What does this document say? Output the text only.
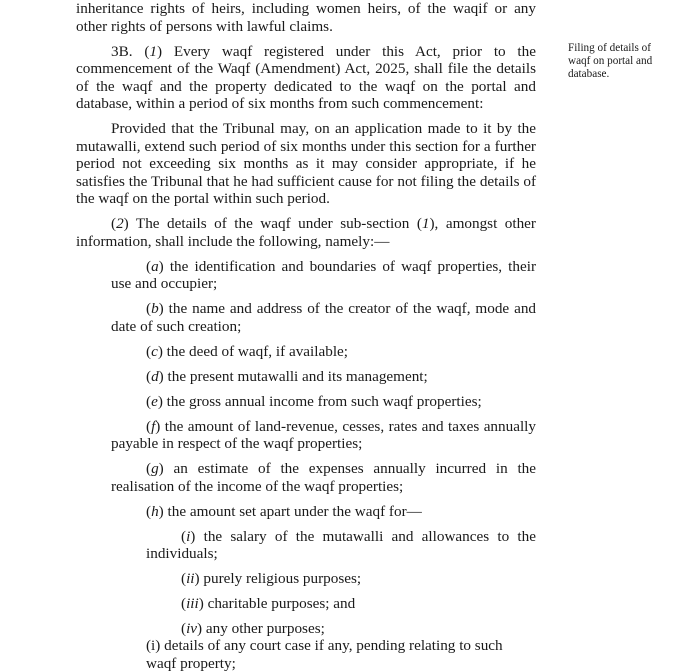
inheritance rights of heirs, including women heirs, of the waqif or any other rights of persons with lawful claims.

3B. (1) Every waqf registered under this Act, prior to the commencement of the Waqf (Amendment) Act, 2025, shall file the details of the waqf and the property dedicated to the waqf on the portal and database, within a period of six months from such commencement:

Provided that the Tribunal may, on an application made to it by the mutawalli, extend such period of six months under this section for a further period not exceeding six months as it may consider appropriate, if he satisfies the Tribunal that he had sufficient cause for not filing the details of the waqf on the portal within such period.

(2) The details of the waqf under sub-section (1), amongst other information, shall include the following, namely:—

(a) the identification and boundaries of waqf properties, their use and occupier;

(b) the name and address of the creator of the waqf, mode and date of such creation;

(c) the deed of waqf, if available;

(d) the present mutawalli and its management;

(e) the gross annual income from such waqf properties;

(f) the amount of land-revenue, cesses, rates and taxes annually payable in respect of the waqf properties;

(g) an estimate of the expenses annually incurred in the realisation of the income of the waqf properties;

(h) the amount set apart under the waqf for—

(i) the salary of the mutawalli and allowances to the individuals;

(ii) purely religious purposes;

(iii) charitable purposes; and

(iv) any other purposes;

(i) details of any court case if any, pending relating to such waqf property;
Filing of details of waqf on portal and database.
